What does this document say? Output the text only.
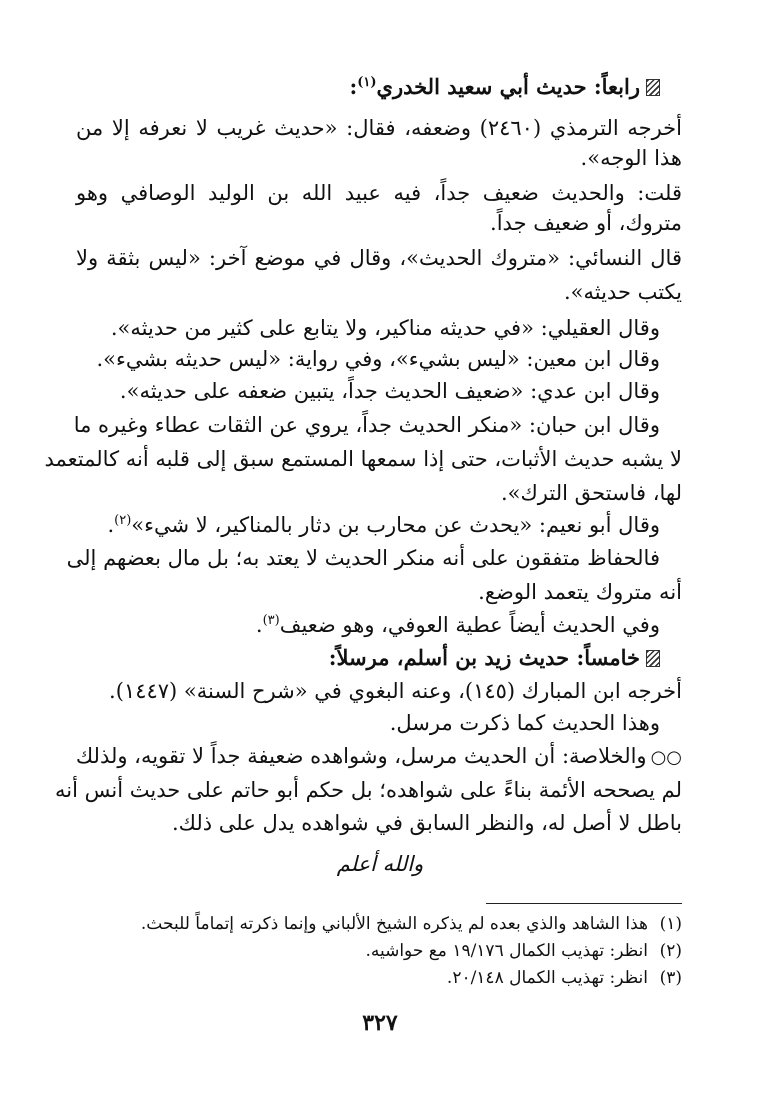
رابعاً: حديث أبي سعيد الخدري$^{(١)}$:
أخرجه الترمذي (٢٤٦٠) وضعفه، فقال: «حديث غريب لا نعرفه إلا من
هذا الوجه».
قلت: والحديث ضعيف جداً، فيه عبيد الله بن الوليد الوصافي وهو
متروك، أو ضعيف جداً.
قال النسائي: «متروك الحديث»، وقال في موضع آخر: «ليس بثقة ولا
يكتب حديثه».
وقال العقيلي: «في حديثه مناكير، ولا يتابع على كثير من حديثه».
وقال ابن معين: «ليس بشيء»، وفي رواية: «ليس حديثه بشيء».
وقال ابن عدي: «ضعيف الحديث جداً، يتبين ضعفه على حديثه».
وقال ابن حبان: «منكر الحديث جداً، يروي عن الثقات عطاء وغيره ما
لا يشبه حديث الأثبات، حتى إذا سمعها المستمع سبق إلى قلبه أنه كالمتعمد
لها، فاستحق الترك».
وقال أبو نعيم: «يحدث عن محارب بن دثار بالمناكير، لا شيء»$^{(٢)}$.
فالحفاظ متفقون على أنه منكر الحديث لا يعتد به؛ بل مال بعضهم إلى
أنه متروك يتعمد الوضع.
وفي الحديث أيضاً عطية العوفي، وهو ضعيف$^{(٣)}$.
خامساً: حديث زيد بن أسلم، مرسلاً:
أخرجه ابن المبارك (١٤٥)، وعنه البغوي في «شرح السنة» (١٤٤٧).
وهذا الحديث كما ذكرت مرسل.
○○والخلاصة: أن الحديث مرسل، وشواهده ضعيفة جداً لا تقويه، ولذلك
لم يصححه الأئمة بناءً على شواهده؛ بل حكم أبو حاتم على حديث أنس أنه
باطل لا أصل له، والنظر السابق في شواهده يدل على ذلك.
والله أعلم
(١)هذا الشاهد والذي بعده لم يذكره الشيخ الألباني وإنما ذكرته إتماماً للبحث.
(٢)انظر: تهذيب الكمال ١٩/١٧٦ مع حواشيه.
(٣)انظر: تهذيب الكمال ٢٠/١٤٨.
٣٢٧
